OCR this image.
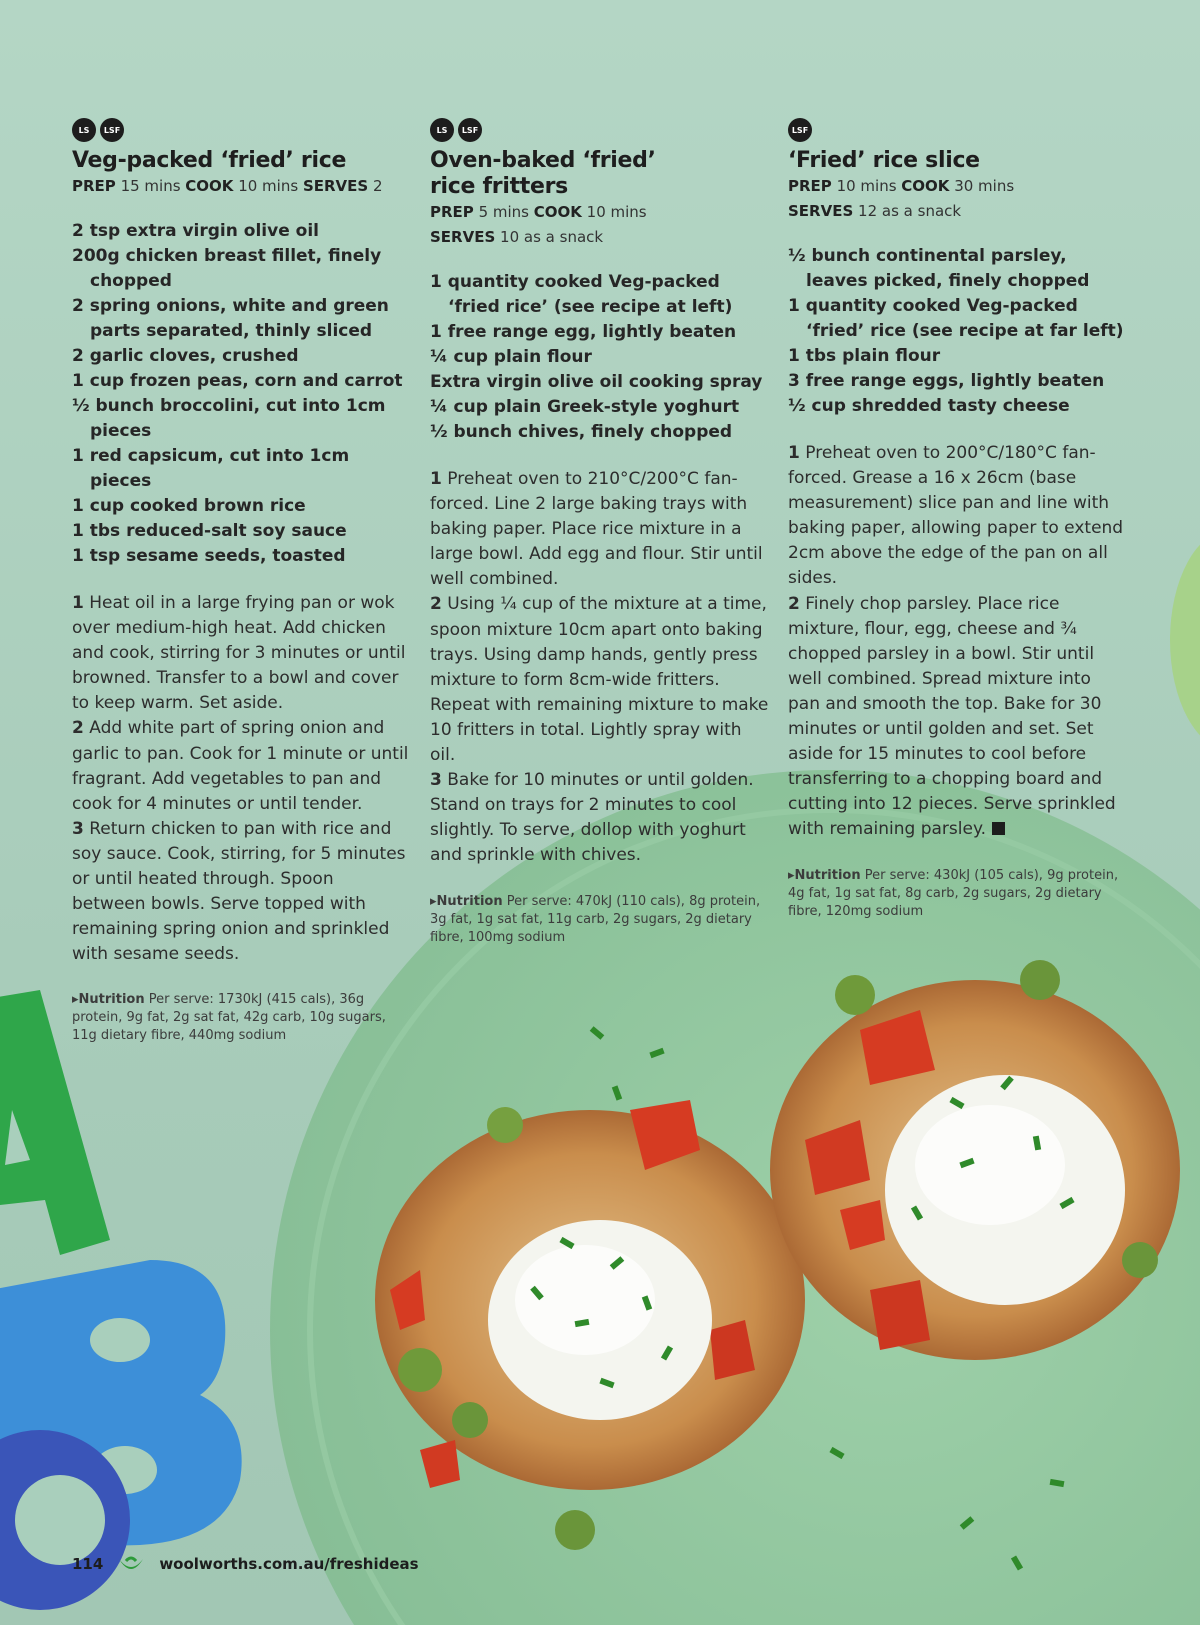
LS	LSF
Veg-packed ‘fried’ rice
PREP 15 mins COOK 10 mins SERVES 2
2 tsp extra virgin olive oil
200g chicken breast fillet, finely chopped
2 spring onions, white and green parts separated, thinly sliced
2 garlic cloves, crushed
1 cup frozen peas, corn and carrot
½ bunch broccolini, cut into 1cm pieces
1 red capsicum, cut into 1cm pieces
1 cup cooked brown rice
1 tbs reduced-salt soy sauce
1 tsp sesame seeds, toasted

1 Heat oil in a large frying pan or wok over medium-high heat. Add chicken and cook, stirring for 3 minutes or until browned. Transfer to a bowl and cover to keep warm. Set aside.

2 Add white part of spring onion and garlic to pan. Cook for 1 minute or until fragrant. Add vegetables to pan and cook for 4 minutes or until tender.

3 Return chicken to pan with rice and soy sauce. Cook, stirring, for 5 minutes or until heated through. Spoon between bowls. Serve topped with remaining spring onion and sprinkled with sesame seeds.

▸Nutrition Per serve: 1730kJ (415 cals), 36g protein, 9g fat, 2g sat fat, 42g carb, 10g sugars, 11g dietary fibre, 440mg sodium
LS	LSF
Oven-baked ‘fried’ rice fritters
PREP 5 mins COOK 10 mins
SERVES 10 as a snack
1 quantity cooked Veg-packed ‘fried rice’ (see recipe at left)
1 free range egg, lightly beaten
¼ cup plain flour
Extra virgin olive oil cooking spray
¼ cup plain Greek-style yoghurt
½ bunch chives, finely chopped

1 Preheat oven to 210°C/200°C fan-forced. Line 2 large baking trays with baking paper. Place rice mixture in a large bowl. Add egg and flour. Stir until well combined.

2 Using ¼ cup of the mixture at a time, spoon mixture 10cm apart onto baking trays. Using damp hands, gently press mixture to form 8cm-wide fritters. Repeat with remaining mixture to make 10 fritters in total. Lightly spray with oil.

3 Bake for 10 minutes or until golden. Stand on trays for 2 minutes to cool slightly. To serve, dollop with yoghurt and sprinkle with chives.

▸Nutrition Per serve: 470kJ (110 cals), 8g protein, 3g fat, 1g sat fat, 11g carb, 2g sugars, 2g dietary fibre, 100mg sodium
LSF
‘Fried’ rice slice
PREP 10 mins COOK 30 mins
SERVES 12 as a snack
½ bunch continental parsley, leaves picked, finely chopped
1 quantity cooked Veg-packed ‘fried’ rice (see recipe at far left)
1 tbs plain flour
3 free range eggs, lightly beaten
½ cup shredded tasty cheese

1 Preheat oven to 200°C/180°C fan-forced. Grease a 16 x 26cm (base measurement) slice pan and line with baking paper, allowing paper to extend 2cm above the edge of the pan on all sides.

2 Finely chop parsley. Place rice mixture, flour, egg, cheese and ¾ chopped parsley in a bowl. Stir until well combined. Spread mixture into pan and smooth the top. Bake for 30 minutes or until golden and set. Set aside for 15 minutes to cool before transferring to a chopping board and cutting into 12 pieces. Serve sprinkled with remaining parsley.

▸Nutrition Per serve: 430kJ (105 cals), 9g protein, 4g fat, 1g sat fat, 8g carb, 2g sugars, 2g dietary fibre, 120mg sodium
114	woolworths.com.au/freshideas
